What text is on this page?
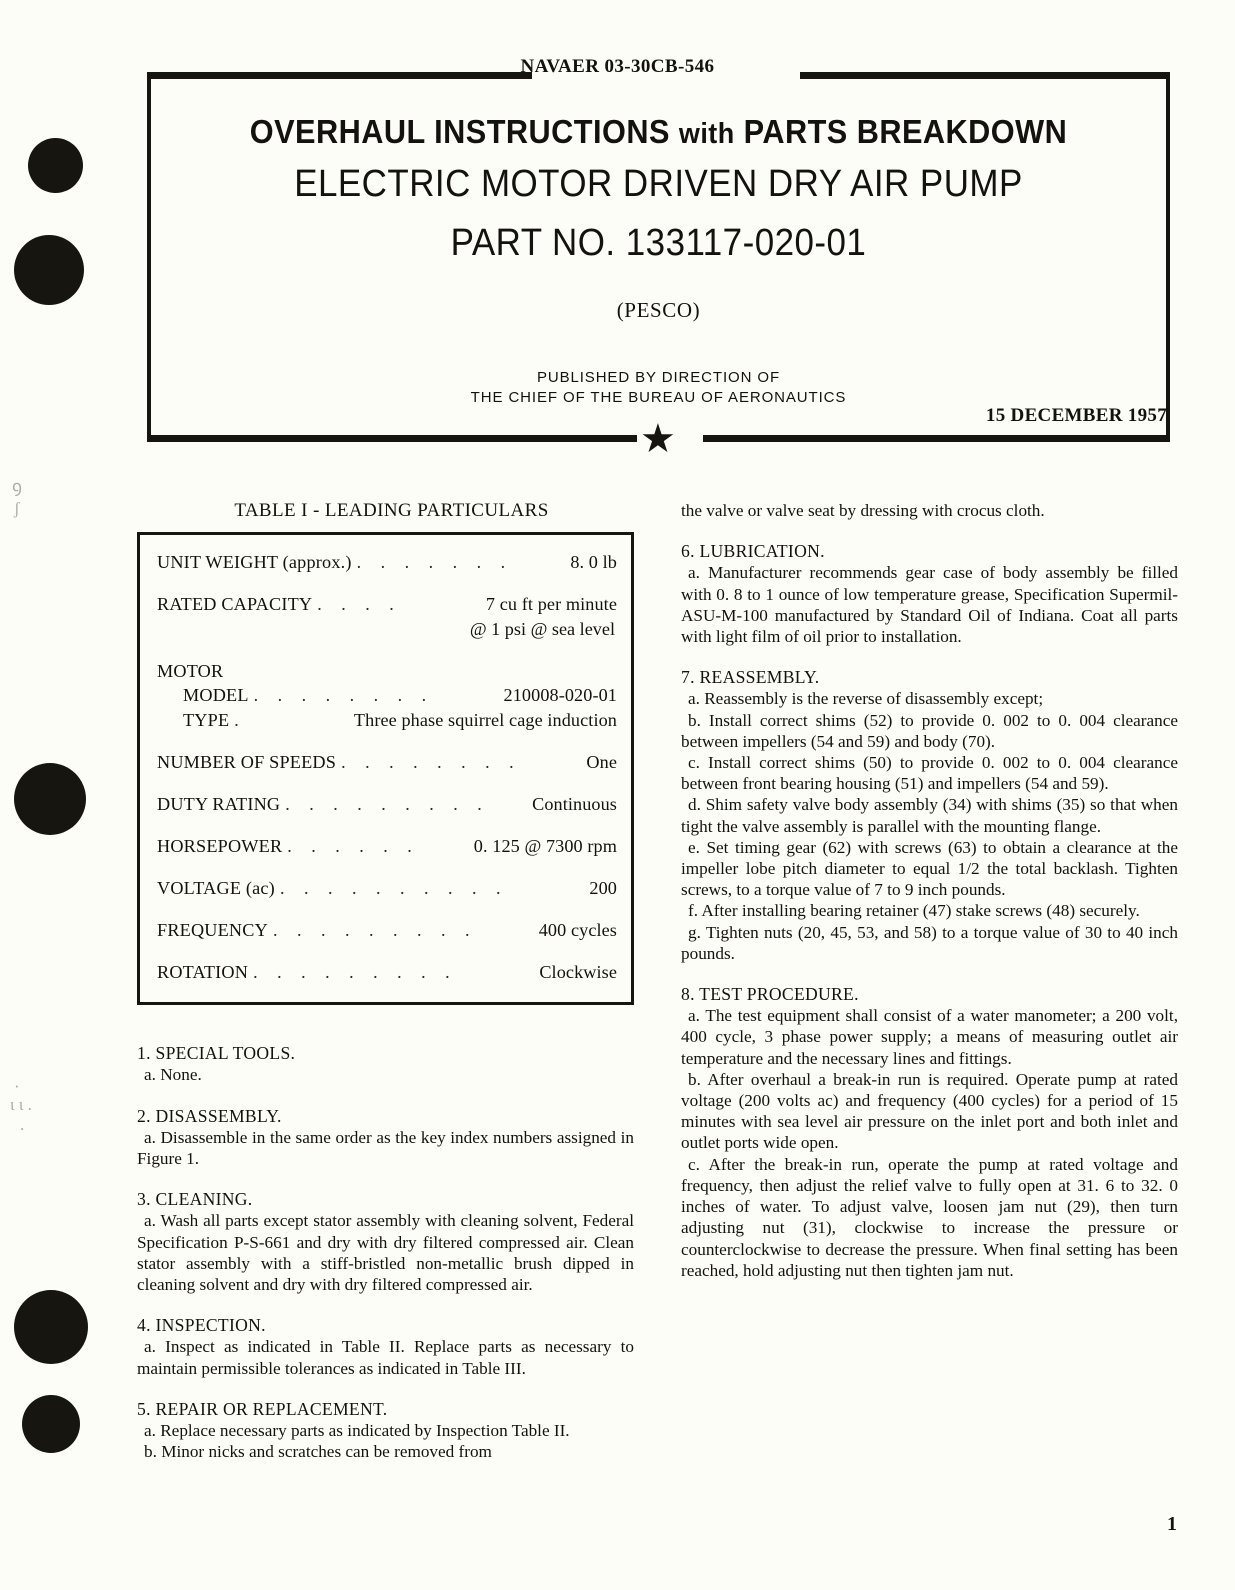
ꝯ
ʃ
·
ɩ ɩ .
.
NAVAER 03-30CB-546
OVERHAUL INSTRUCTIONS with PARTS BREAKDOWN
ELECTRIC MOTOR DRIVEN DRY AIR PUMP
PART NO. 133117-020-01
(PESCO)
PUBLISHED BY DIRECTION OF
THE CHIEF OF THE BUREAU OF AERONAUTICS
15 DECEMBER 1957
★
TABLE I - LEADING PARTICULARS
UNIT WEIGHT (approx.) . . . . . . .	8. 0 lb
RATED CAPACITY . . . .	7 cu ft per minute
@ 1 psi @ sea level
MOTOR
MODEL . . . . . . . .	210008-020-01
TYPE .	Three phase squirrel cage induction
NUMBER OF SPEEDS . . . . . . . .	One
DUTY RATING . . . . . . . . .	Continuous
HORSEPOWER . . . . . .	0. 125 @ 7300 rpm
VOLTAGE (ac) . . . . . . . . . .	200
FREQUENCY . . . . . . . . .	400 cycles
ROTATION . . . . . . . . .	Clockwise
1. SPECIAL TOOLS.

a. None.

2. DISASSEMBLY.

a. Disassemble in the same order as the key index numbers assigned in Figure 1.

3. CLEANING.

a. Wash all parts except stator assembly with cleaning solvent, Federal Specification P-S-661 and dry with dry filtered compressed air. Clean stator assembly with a stiff-bristled non-metallic brush dipped in cleaning solvent and dry with dry filtered compressed air.

4. INSPECTION.

a. Inspect as indicated in Table II. Replace parts as necessary to maintain permissible tolerances as indicated in Table III.

5. REPAIR OR REPLACEMENT.

a. Replace necessary parts as indicated by Inspection Table II.

b. Minor nicks and scratches can be removed from

the valve or valve seat by dressing with crocus cloth.

6. LUBRICATION.

a. Manufacturer recommends gear case of body assembly be filled with 0. 8 to 1 ounce of low temperature grease, Specification Supermil-ASU-M-100 manufactured by Standard Oil of Indiana. Coat all parts with light film of oil prior to installation.

7. REASSEMBLY.

a. Reassembly is the reverse of disassembly except;

b. Install correct shims (52) to provide 0. 002 to 0. 004 clearance between impellers (54 and 59) and body (70).

c. Install correct shims (50) to provide 0. 002 to 0. 004 clearance between front bearing housing (51) and impellers (54 and 59).

d. Shim safety valve body assembly (34) with shims (35) so that when tight the valve assembly is parallel with the mounting flange.

e. Set timing gear (62) with screws (63) to obtain a clearance at the impeller lobe pitch diameter to equal 1/2 the total backlash. Tighten screws, to a torque value of 7 to 9 inch pounds.

f. After installing bearing retainer (47) stake screws (48) securely.

g. Tighten nuts (20, 45, 53, and 58) to a torque value of 30 to 40 inch pounds.

8. TEST PROCEDURE.

a. The test equipment shall consist of a water manometer; a 200 volt, 400 cycle, 3 phase power supply; a means of measuring outlet air temperature and the necessary lines and fittings.

b. After overhaul a break-in run is required. Operate pump at rated voltage (200 volts ac) and frequency (400 cycles) for a period of 15 minutes with sea level air pressure on the inlet port and both inlet and outlet ports wide open.

c. After the break-in run, operate the pump at rated voltage and frequency, then adjust the relief valve to fully open at 31. 6 to 32. 0 inches of water. To adjust valve, loosen jam nut (29), then turn adjusting nut (31), clockwise to increase the pressure or counterclockwise to decrease the pressure. When final setting has been reached, hold adjusting nut then tighten jam nut.

1
